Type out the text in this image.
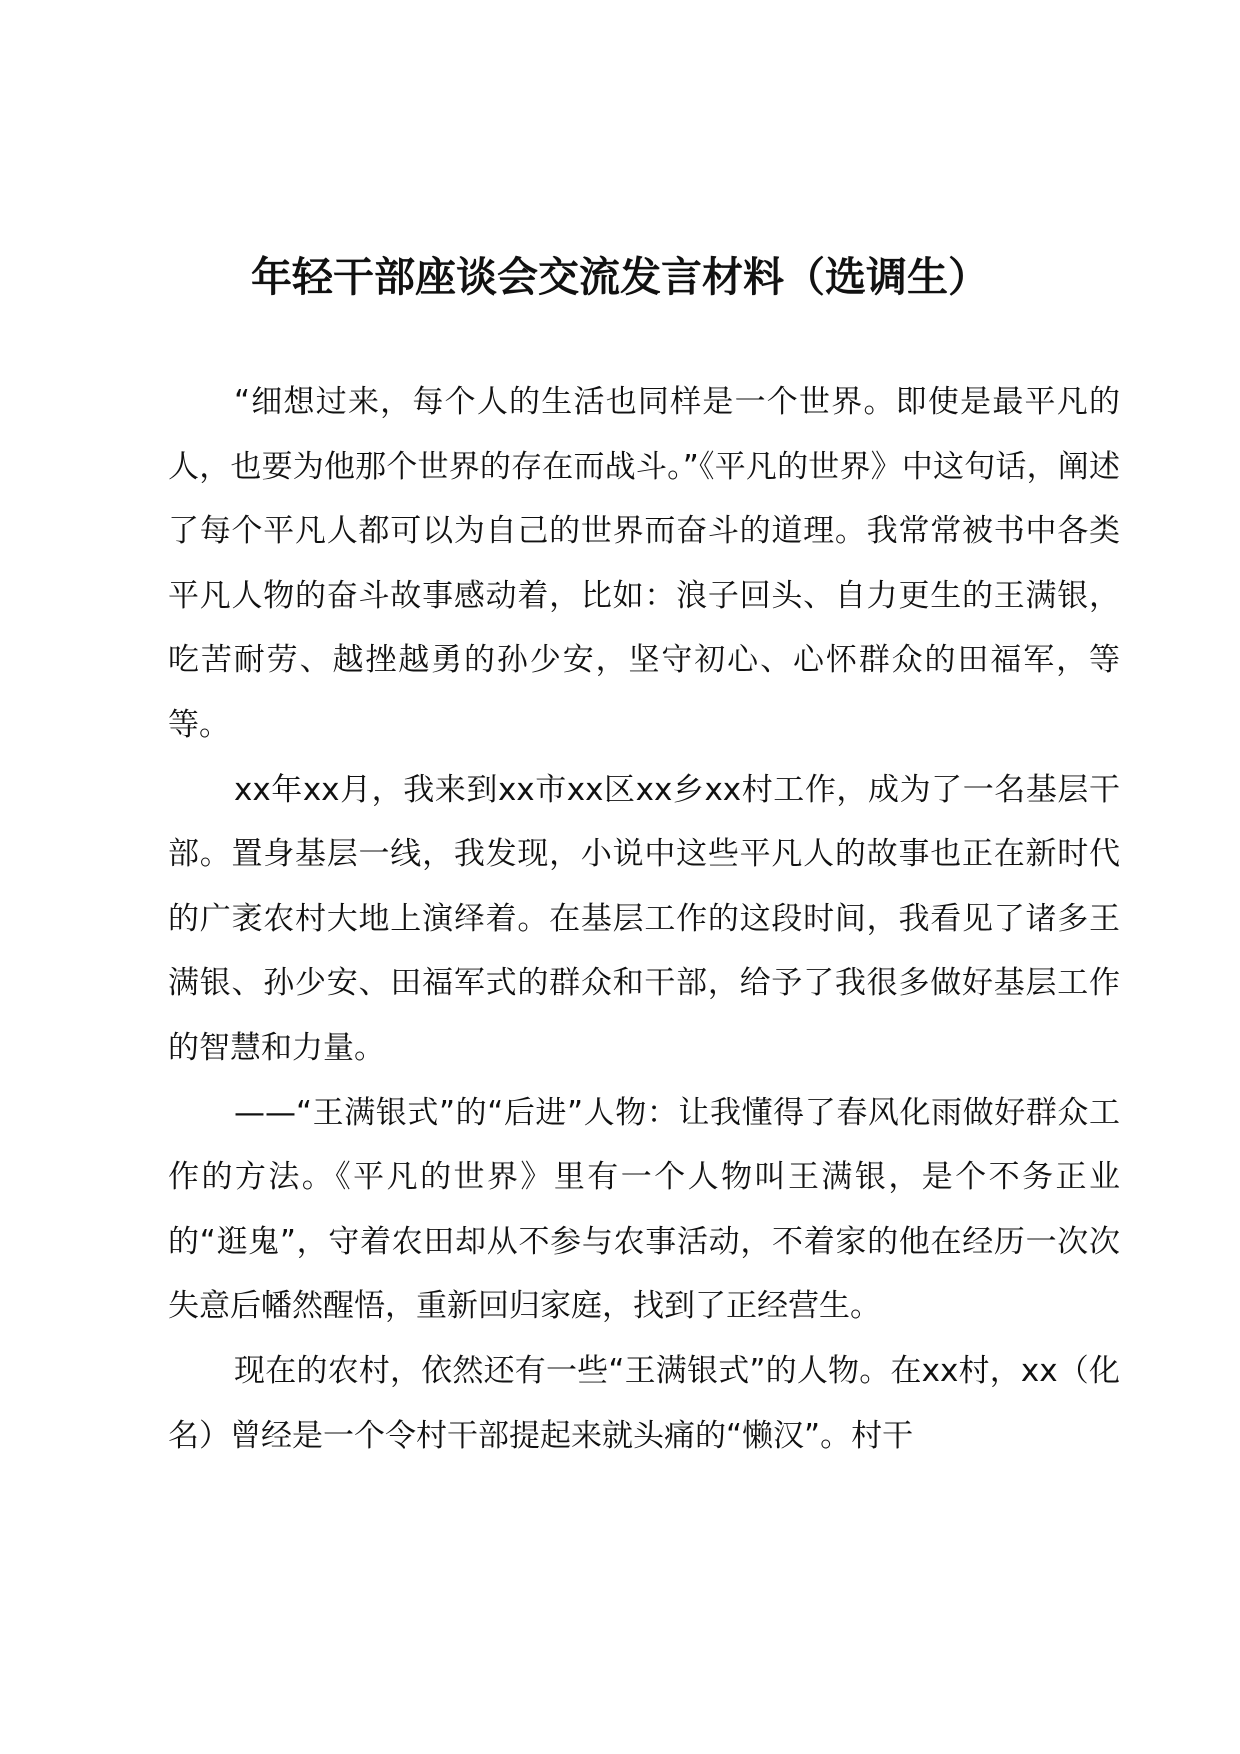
年轻干部座谈会交流发言材料（选调生）

“细想过来，每个人的生活也同样是一个世界。即使是最平凡的人，也要为他那个世界的存在而战斗。”《平凡的世界》中这句话，阐述了每个平凡人都可以为自己的世界而奋斗的道理。我常常被书中各类平凡人物的奋斗故事感动着，比如：浪子回头、自力更生的王满银，吃苦耐劳、越挫越勇的孙少安，坚守初心、心怀群众的田福军，等等。

xx年xx月，我来到xx市xx区xx乡xx村工作，成为了一名基层干部。置身基层一线，我发现，小说中这些平凡人的故事也正在新时代的广袤农村大地上演绎着。在基层工作的这段时间，我看见了诸多王满银、孙少安、田福军式的群众和干部，给予了我很多做好基层工作的智慧和力量。

——“王满银式”的“后进”人物：让我懂得了春风化雨做好群众工作的方法。《平凡的世界》里有一个人物叫王满银，是个不务正业的“逛鬼”，守着农田却从不参与农事活动，不着家的他在经历一次次失意后幡然醒悟，重新回归家庭，找到了正经营生。

现在的农村，依然还有一些“王满银式”的人物。在xx村，xx（化名）曾经是一个令村干部提起来就头痛的“懒汉”。村干
